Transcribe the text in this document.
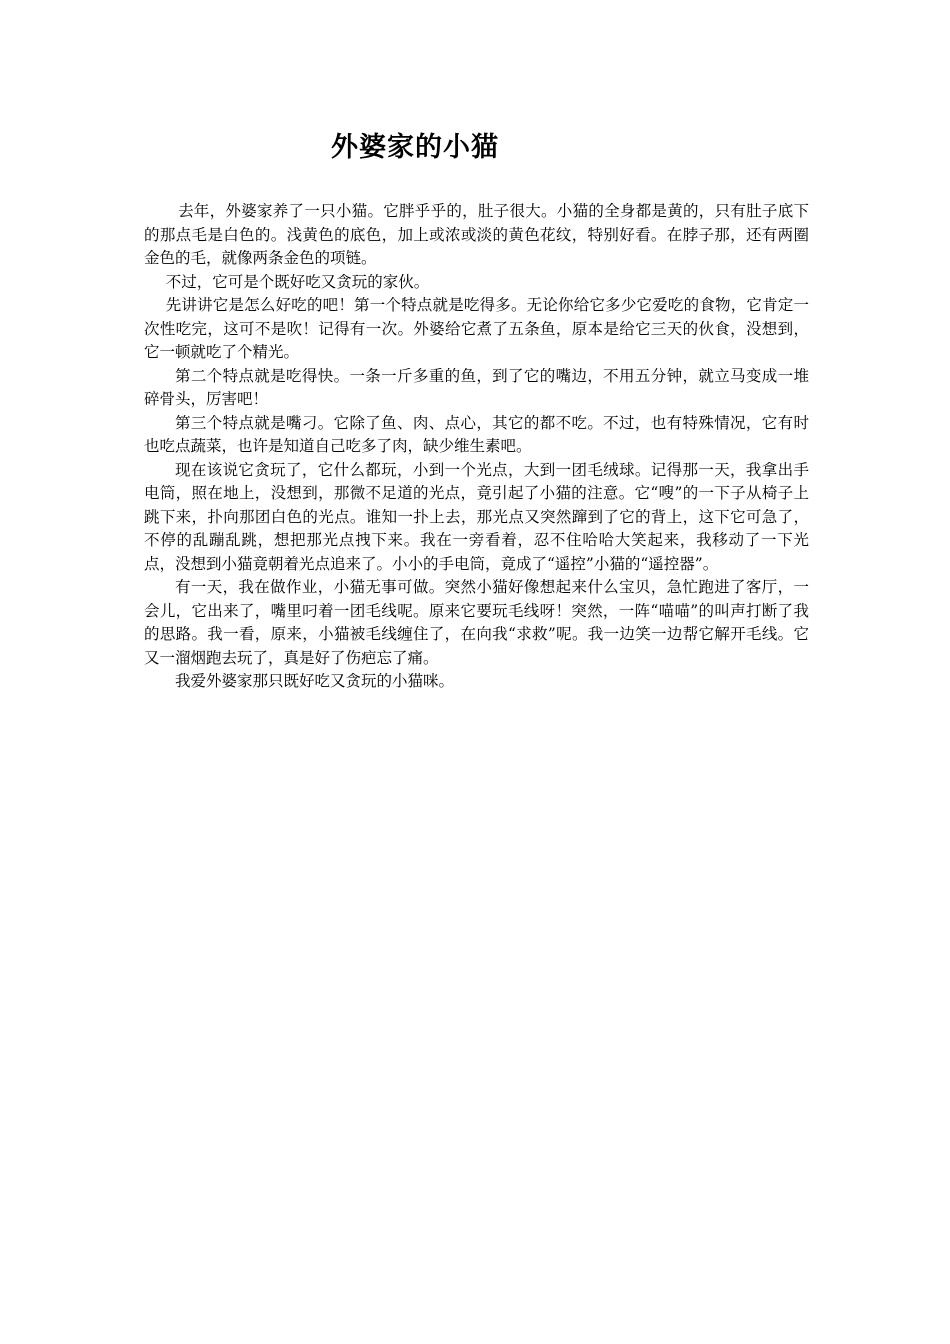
外婆家的小猫

去年，外婆家养了一只小猫。它胖乎乎的，肚子很大。小猫的全身都是黄的，只有肚子底下的那点毛是白色的。浅黄色的底色，加上或浓或淡的黄色花纹，特别好看。在脖子那，还有两圈金色的毛，就像两条金色的项链。

不过，它可是个既好吃又贪玩的家伙。

先讲讲它是怎么好吃的吧！第一个特点就是吃得多。无论你给它多少它爱吃的食物，它肯定一次性吃完，这可不是吹！记得有一次。外婆给它煮了五条鱼，原本是给它三天的伙食，没想到，它一顿就吃了个精光。

第二个特点就是吃得快。一条一斤多重的鱼，到了它的嘴边，不用五分钟，就立马变成一堆碎骨头，厉害吧！

第三个特点就是嘴刁。它除了鱼、肉、点心，其它的都不吃。不过，也有特殊情况，它有时也吃点蔬菜，也许是知道自己吃多了肉，缺少维生素吧。

现在该说它贪玩了，它什么都玩，小到一个光点，大到一团毛绒球。记得那一天，我拿出手电筒，照在地上，没想到，那微不足道的光点，竟引起了小猫的注意。它“嗖”的一下子从椅子上跳下来，扑向那团白色的光点。谁知一扑上去，那光点又突然蹿到了它的背上，这下它可急了，不停的乱蹦乱跳，想把那光点拽下来。我在一旁看着，忍不住哈哈大笑起来，我移动了一下光点，没想到小猫竟朝着光点追来了。小小的手电筒，竟成了“遥控”小猫的“遥控器”。

有一天，我在做作业，小猫无事可做。突然小猫好像想起来什么宝贝，急忙跑进了客厅，一会儿，它出来了，嘴里叼着一团毛线呢。原来它要玩毛线呀！突然，一阵“喵喵”的叫声打断了我的思路。我一看，原来，小猫被毛线缠住了，在向我“求救”呢。我一边笑一边帮它解开毛线。它又一溜烟跑去玩了，真是好了伤疤忘了痛。

我爱外婆家那只既好吃又贪玩的小猫咪。
